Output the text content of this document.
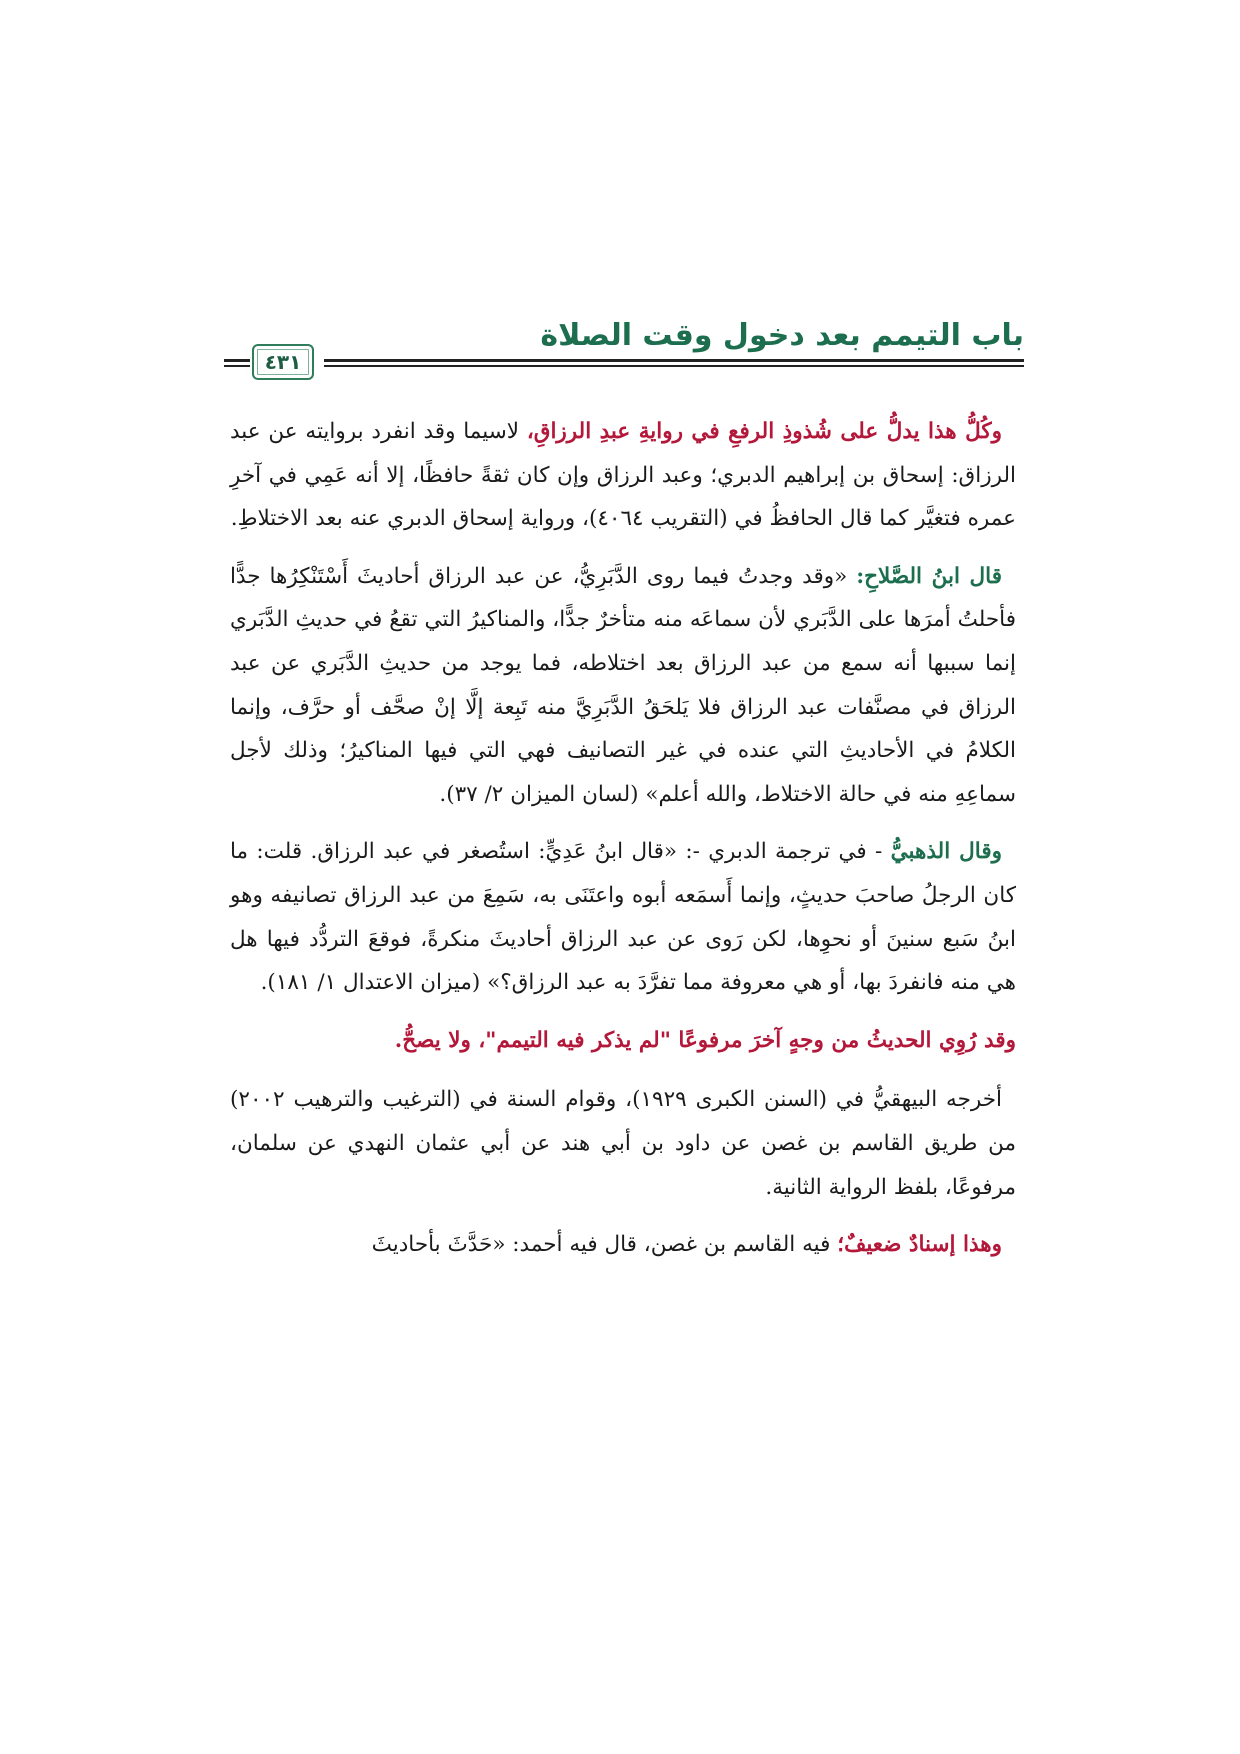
باب التيمم بعد دخول وقت الصلاة
٤٣١

وكُلُّ هذا يدلُّ على شُذوذِ الرفعِ في روايةِ عبدِ الرزاقِ، لاسيما وقد انفرد بروايته عن عبد الرزاق: إسحاق بن إبراهيم الدبري؛ وعبد الرزاق وإن كان ثقةً حافظًا، إلا أنه عَمِي في آخرِ عمره فتغيَّر كما قال الحافظُ في (التقريب ٤٠٦٤)، ورواية إسحاق الدبري عنه بعد الاختلاطِ.

قال ابنُ الصَّلاحِ: «وقد وجدتُ فيما روى الدَّبَرِيُّ، عن عبد الرزاق أحاديثَ أَسْتَنْكِرُها جدًّا فأحلتُ أمرَها على الدَّبَري لأن سماعَه منه متأخرٌ جدًّا، والمناكيرُ التي تقعُ في حديثِ الدَّبَري إنما سببها أنه سمع من عبد الرزاق بعد اختلاطه، فما يوجد من حديثِ الدَّبَري عن عبد الرزاق في مصنَّفات عبد الرزاق فلا يَلحَقُ الدَّبَرِيَّ منه تَبِعة إلَّا إنْ صحَّف أو حرَّف، وإنما الكلامُ في الأحاديثِ التي عنده في غير التصانيف فهي التي فيها المناكيرُ؛ وذلك لأجل سماعِهِ منه في حالة الاختلاط، والله أعلم» (لسان الميزان ٢/ ٣٧).

وقال الذهبيُّ - في ترجمة الدبري -: «قال ابنُ عَدِيٍّ: استُصغر في عبد الرزاق. قلت: ما كان الرجلُ صاحبَ حديثٍ، وإنما أَسمَعه أبوه واعتَنَى به، سَمِعَ من عبد الرزاق تصانيفه وهو ابنُ سَبع سنينَ أو نحوِها، لكن رَوى عن عبد الرزاق أحاديثَ منكرةً، فوقعَ التردُّد فيها هل هي منه فانفردَ بها، أو هي معروفة مما تفرَّدَ به عبد الرزاق؟» (ميزان الاعتدال ١/ ١٨١).

وقد رُوِي الحديثُ من وجهٍ آخرَ مرفوعًا "لم يذكر فيه التيمم"، ولا يصحُّ.

أخرجه البيهقيُّ في (السنن الكبرى ١٩٢٩)، وقوام السنة في (الترغيب والترهيب ٢٠٠٢) من طريق القاسم بن غصن عن داود بن أبي هند عن أبي عثمان النهدي عن سلمان، مرفوعًا، بلفظ الرواية الثانية.

وهذا إسنادٌ ضعيفٌ؛ فيه القاسم بن غصن، قال فيه أحمد: «حَدَّثَ بأحاديثَ
